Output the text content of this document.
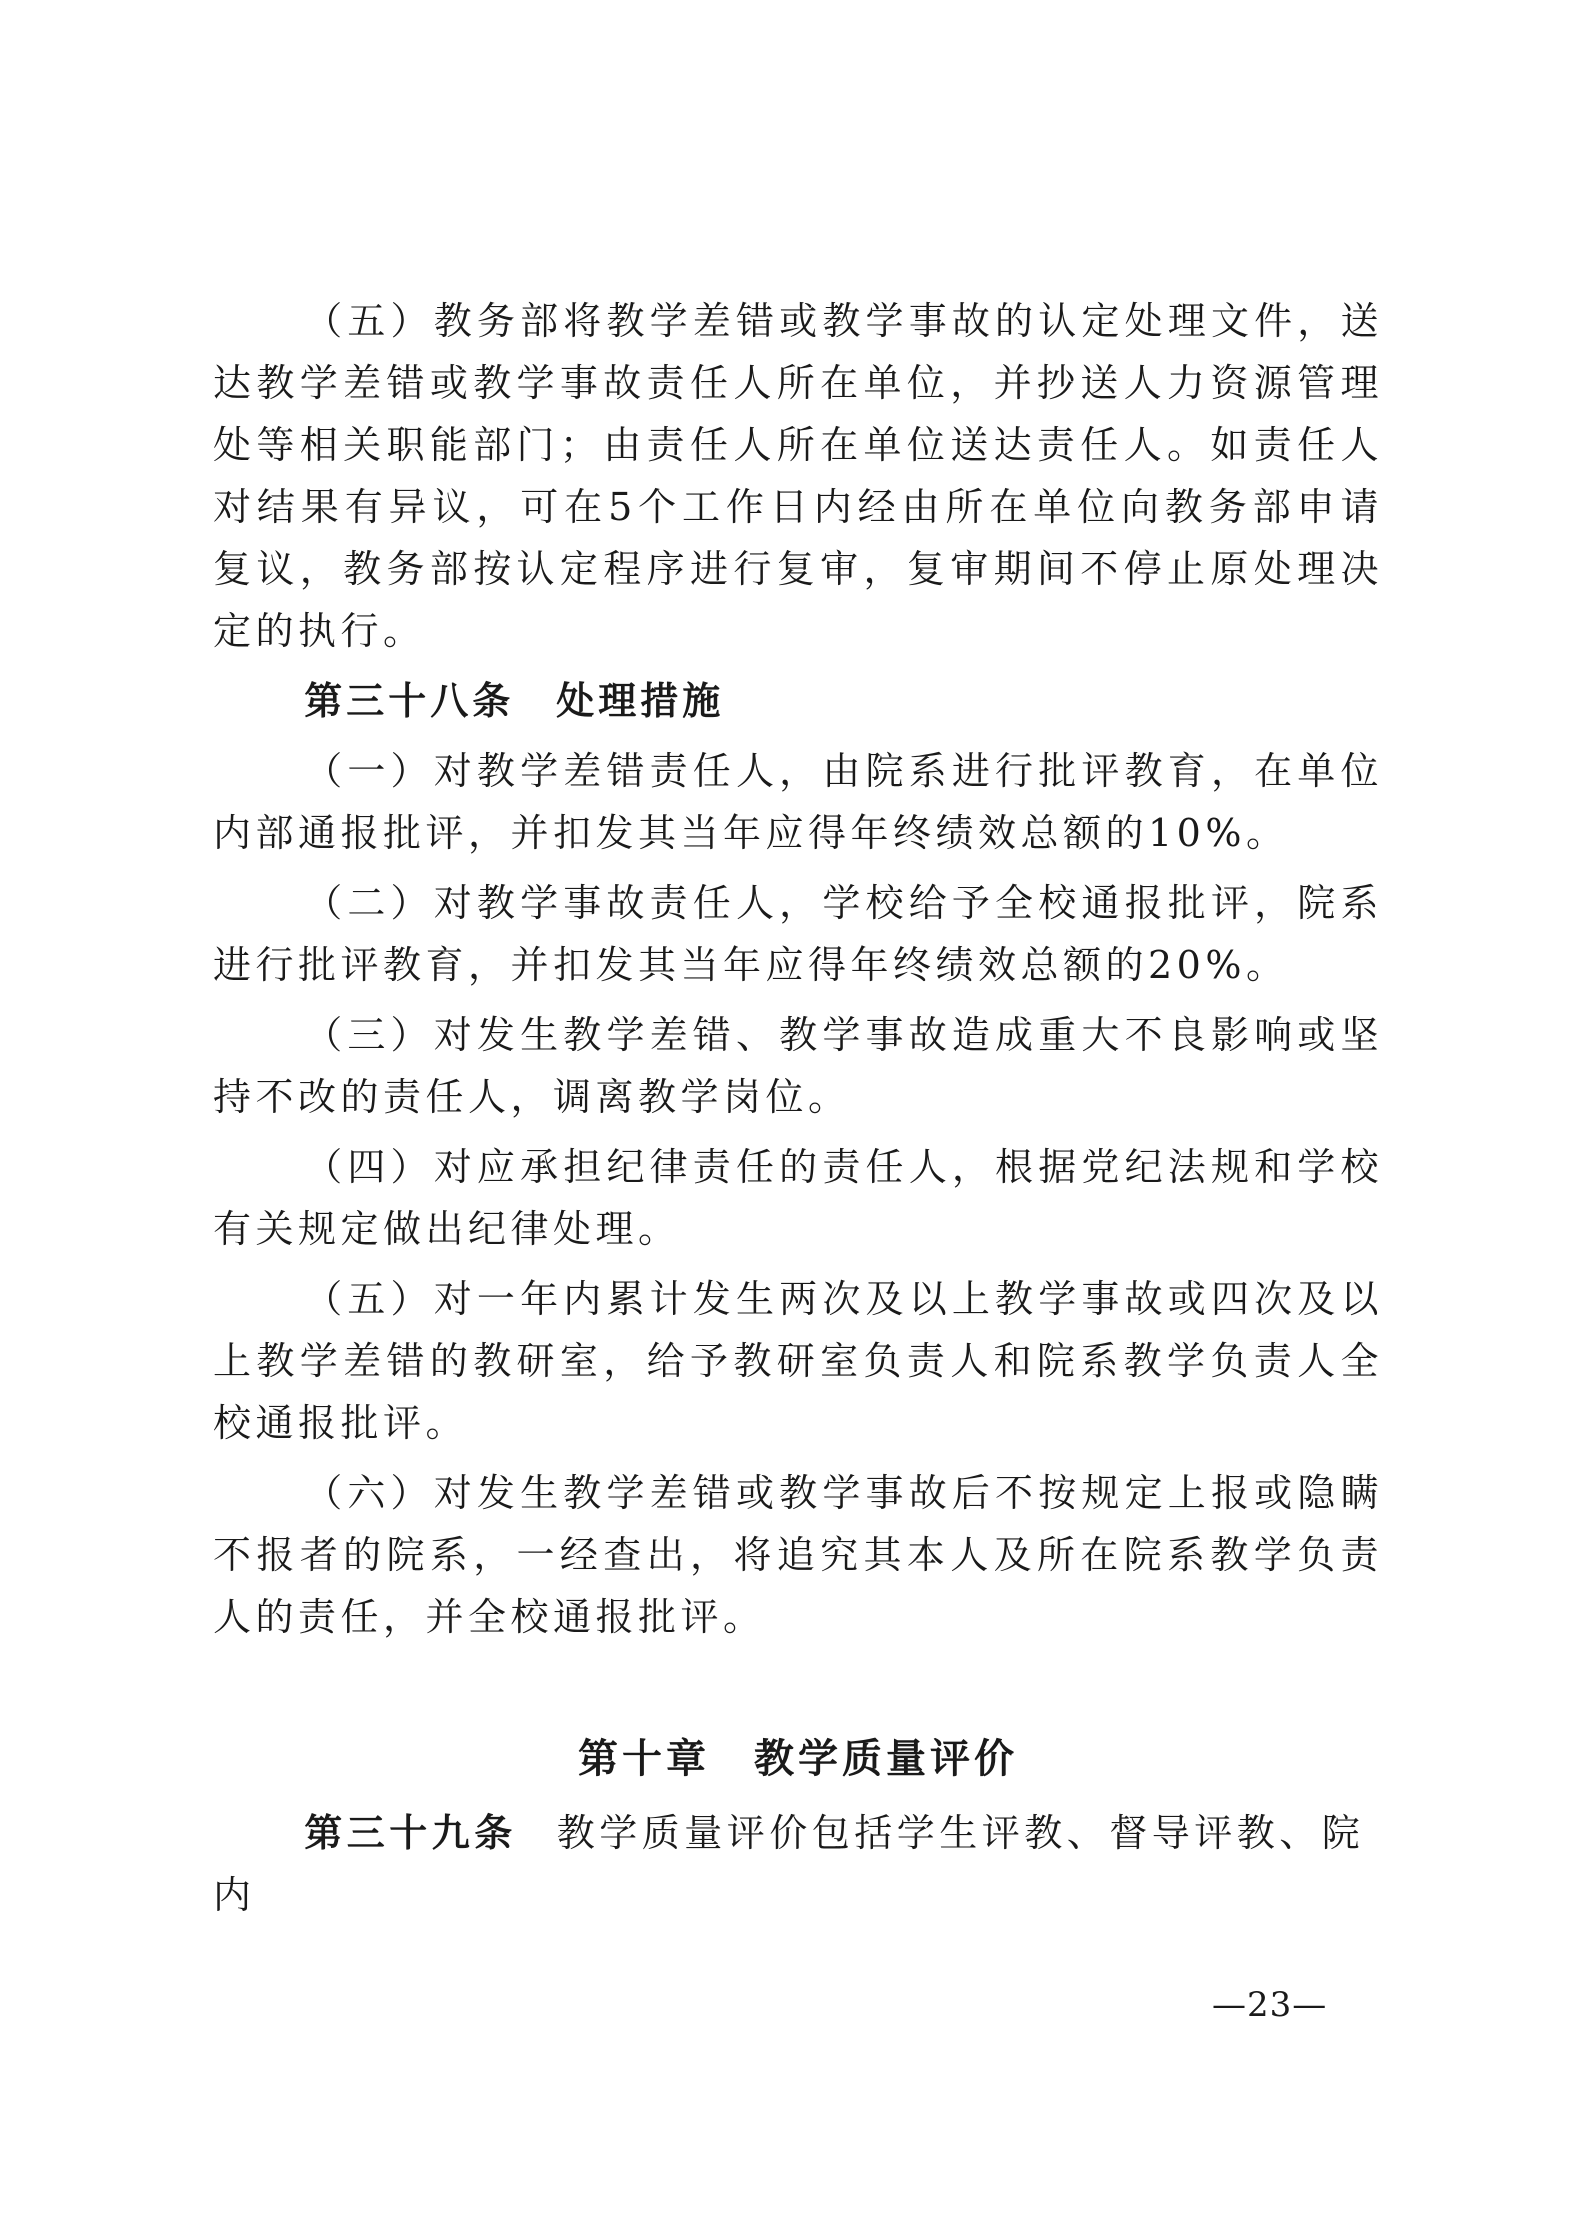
（五）教务部将教学差错或教学事故的认定处理文件，送达教学差错或教学事故责任人所在单位，并抄送人力资源管理处等相关职能部门；由责任人所在单位送达责任人。如责任人对结果有异议，可在5个工作日内经由所在单位向教务部申请复议，教务部按认定程序进行复审，复审期间不停止原处理决定的执行。

第三十八条　处理措施

（一）对教学差错责任人，由院系进行批评教育，在单位内部通报批评，并扣发其当年应得年终绩效总额的10%。

（二）对教学事故责任人，学校给予全校通报批评，院系进行批评教育，并扣发其当年应得年终绩效总额的20%。

（三）对发生教学差错、教学事故造成重大不良影响或坚持不改的责任人，调离教学岗位。

（四）对应承担纪律责任的责任人，根据党纪法规和学校有关规定做出纪律处理。

（五）对一年内累计发生两次及以上教学事故或四次及以上教学差错的教研室，给予教研室负责人和院系教学负责人全校通报批评。

（六）对发生教学差错或教学事故后不按规定上报或隐瞒不报者的院系，一经查出，将追究其本人及所在院系教学负责人的责任，并全校通报批评。

第十章　教学质量评价

第三十九条 教学质量评价包括学生评教、督导评教、院内

—23—
